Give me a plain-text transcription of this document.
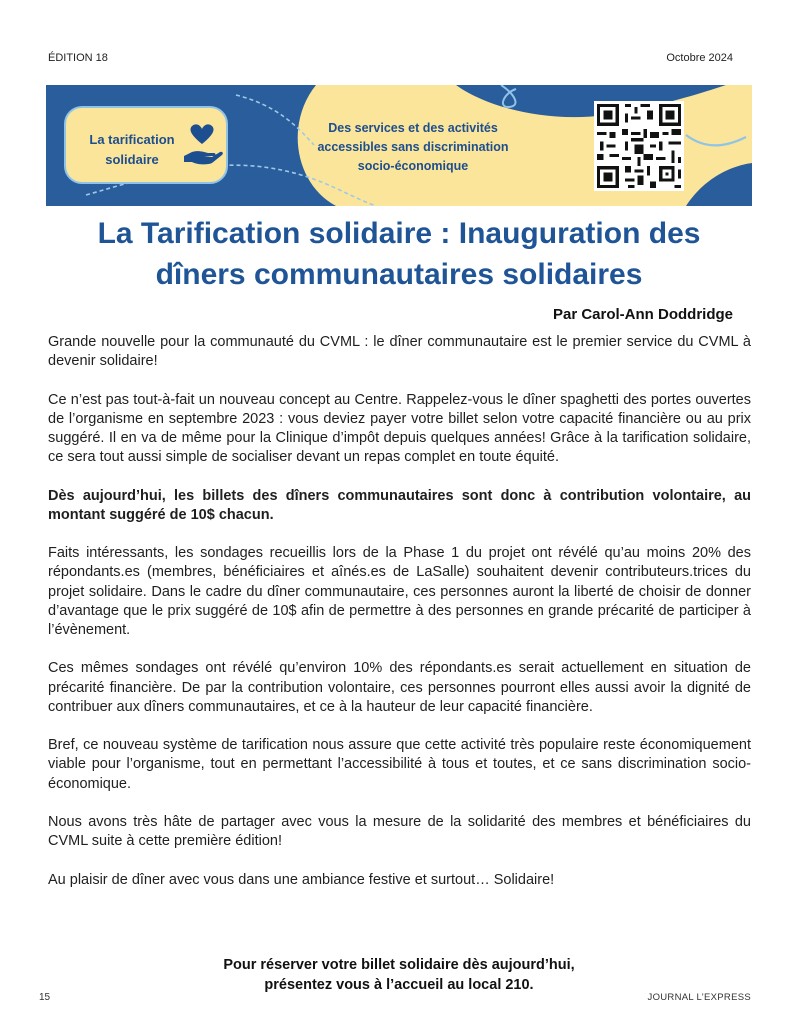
ÉDITION 18	Octobre 2024
La tarification
solidaire
Des services et des activités
accessibles sans discrimination
socio-économique
La Tarification solidaire : Inauguration des
dîners communautaires solidaires

Par Carol-Ann Doddridge

Grande nouvelle pour la communauté du CVML : le dîner communautaire est le premier service du CVML à devenir solidaire!

Ce n’est pas tout-à-fait un nouveau concept au Centre. Rappelez-vous le dîner spaghetti des portes ouvertes de l’organisme en septembre 2023 : vous deviez payer votre billet selon votre capacité financière ou au prix suggéré. Il en va de même pour la Clinique d’impôt depuis quelques années! Grâce à la tarification solidaire, ce sera tout aussi simple de socialiser devant un repas complet en toute équité.

Dès aujourd’hui, les billets des dîners communautaires sont donc à contribution volontaire, au montant suggéré de 10$ chacun.

Faits intéressants, les sondages recueillis lors de la Phase 1 du projet ont révélé qu’au moins 20% des répondants.es (membres, bénéficiaires et aînés.es de LaSalle) souhaitent devenir contributeurs.trices du projet solidaire. Dans le cadre du dîner communautaire, ces personnes auront la liberté de choisir de donner d’avantage que le prix suggéré de 10$ afin de permettre à des personnes en grande précarité de participer à l’évènement.

Ces mêmes sondages ont révélé qu’environ 10% des répondants.es serait actuellement en situation de précarité financière. De par la contribution volontaire, ces personnes pourront elles aussi avoir la dignité de contribuer aux dîners communautaires, et ce à la hauteur de leur capacité financière.

Bref, ce nouveau système de tarification nous assure que cette activité très populaire reste économiquement viable pour l’organisme, tout en permettant l’accessibilité à tous et toutes, et ce sans discrimination socio-économique.

Nous avons très hâte de partager avec vous la mesure de la solidarité des membres et bénéficiaires du CVML suite à cette première édition!

Au plaisir de dîner avec vous dans une ambiance festive et surtout… Solidaire!

Pour réserver votre billet solidaire dès aujourd’hui,
présentez vous à l’accueil au local 210.
15	JOURNAL L’EXPRESS
